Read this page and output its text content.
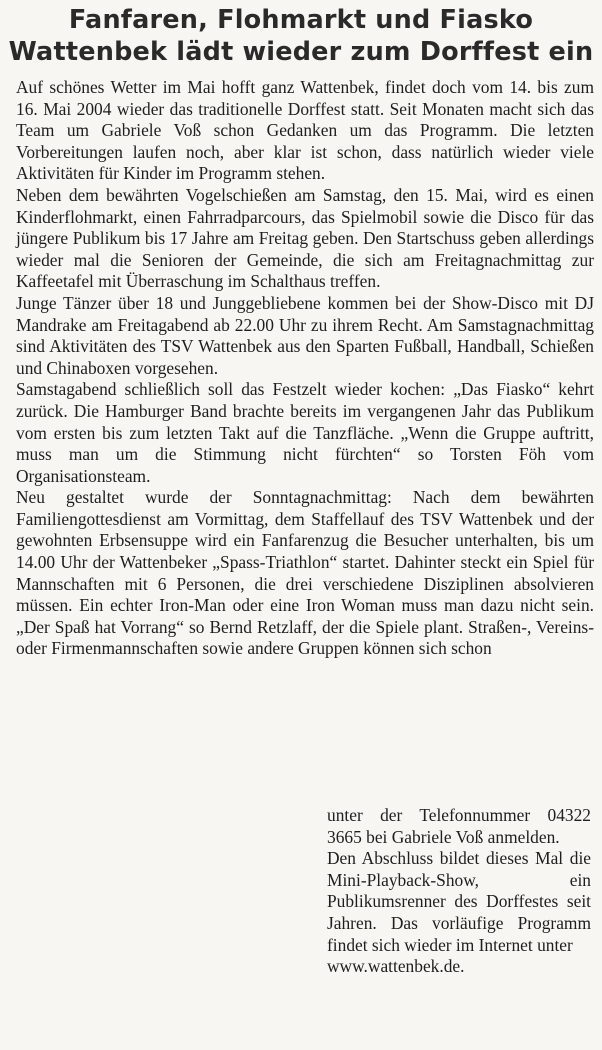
Fanfaren, Flohmarkt und Fiasko
Wattenbek lädt wieder zum Dorffest ein

Auf schönes Wetter im Mai hofft ganz Wattenbek, findet doch vom 14. bis zum 16. Mai 2004 wieder das traditionelle Dorffest statt. Seit Monaten macht sich das Team um Gabriele Voß schon Gedanken um das Programm. Die letzten Vorbereitungen laufen noch, aber klar ist schon, dass natürlich wieder viele Aktivitäten für Kinder im Programm stehen.

Neben dem bewährten Vogelschießen am Samstag, den 15. Mai, wird es einen Kinderflohmarkt, einen Fahrradparcours, das Spielmobil sowie die Disco für das jüngere Publikum bis 17 Jahre am Freitag geben. Den Startschuss geben allerdings wieder mal die Senioren der Gemeinde, die sich am Freitagnachmittag zur Kaffeetafel mit Überraschung im Schalthaus treffen.

Junge Tänzer über 18 und Junggebliebene kommen bei der Show-Disco mit DJ Mandrake am Freitagabend ab 22.00 Uhr zu ihrem Recht. Am Samstagnachmittag sind Aktivitäten des TSV Wattenbek aus den Sparten Fußball, Handball, Schießen und Chinaboxen vorgesehen.

Samstagabend schließlich soll das Festzelt wieder kochen: „Das Fiasko“ kehrt zurück. Die Hamburger Band brachte bereits im vergangenen Jahr das Publikum vom ersten bis zum letzten Takt auf die Tanzfläche. „Wenn die Gruppe auftritt, muss man um die Stimmung nicht fürchten“ so Torsten Föh vom Organisationsteam.

Neu gestaltet wurde der Sonntagnachmittag: Nach dem bewährten Familiengottesdienst am Vormittag, dem Staffellauf des TSV Wattenbek und der gewohnten Erbsensuppe wird ein Fanfarenzug die Besucher unterhalten, bis um 14.00 Uhr der Wattenbeker „Spass-Triathlon“ startet. Dahinter steckt ein Spiel für Mannschaften mit 6 Personen, die drei verschiedene Disziplinen absolvieren müssen. Ein echter Iron-Man oder eine Iron Woman muss man dazu nicht sein. „Der Spaß hat Vorrang“ so Bernd Retzlaff, der die Spiele plant. Straßen-, Vereins- oder Firmenmannschaften sowie andere Gruppen können sich schon

unter der Telefonnummer 04322 3665 bei Gabriele Voß anmelden.

Den Abschluss bildet dieses Mal die Mini-Playback-Show, ein Publikumsrenner des Dorffestes seit Jahren. Das vorläufige Programm findet sich wieder im Internet unter

www.wattenbek.de.
